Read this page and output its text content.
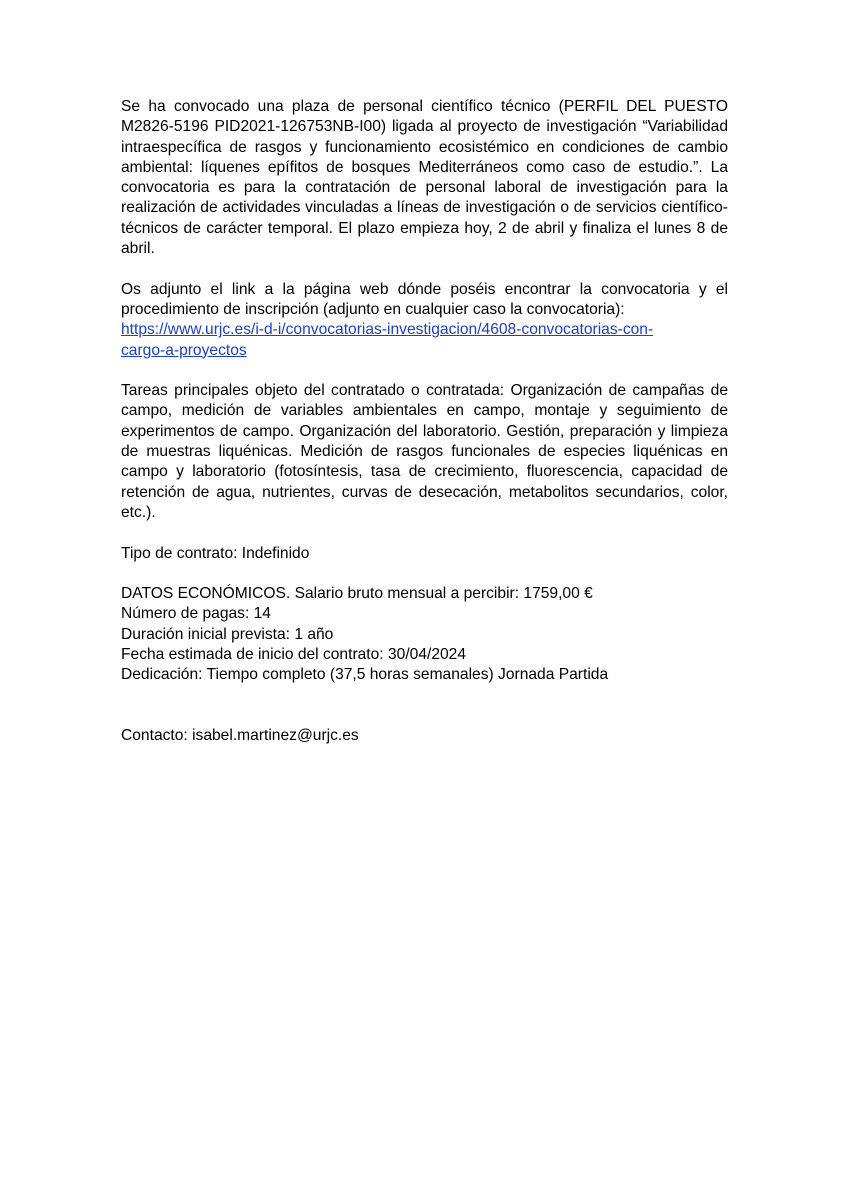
Se ha convocado una plaza de personal científico técnico (PERFIL DEL PUESTO M2826-5196 PID2021-126753NB-I00) ligada al proyecto de investigación “Variabilidad intraespecífica de rasgos y funcionamiento ecosistémico en condiciones de cambio ambiental: líquenes epífitos de bosques Mediterráneos como caso de estudio.”. La convocatoria es para la contratación de personal laboral de investigación para la realización de actividades vinculadas a líneas de investigación o de servicios científico-técnicos de carácter temporal. El plazo empieza hoy, 2 de abril y finaliza el lunes 8 de abril.

Os adjunto el link a la página web dónde poséis encontrar la convocatoria y el procedimiento de inscripción (adjunto en cualquier caso la convocatoria):
https://www.urjc.es/i-d-i/convocatorias-investigacion/4608-convocatorias-con-
cargo-a-proyectos

Tareas principales objeto del contratado o contratada: Organización de campañas de campo, medición de variables ambientales en campo, montaje y seguimiento de experimentos de campo. Organización del laboratorio. Gestión, preparación y limpieza de muestras liquénicas. Medición de rasgos funcionales de especies liquénicas en campo y laboratorio (fotosíntesis, tasa de crecimiento, fluorescencia, capacidad de retención de agua, nutrientes, curvas de desecación, metabolitos secundarios, color, etc.).

Tipo de contrato: Indefinido

DATOS ECONÓMICOS. Salario bruto mensual a percibir: 1759,00 €
Número de pagas: 14
Duración inicial prevista: 1 año
Fecha estimada de inicio del contrato: 30/04/2024
Dedicación: Tiempo completo (37,5 horas semanales) Jornada Partida

Contacto: isabel.martinez@urjc.es
